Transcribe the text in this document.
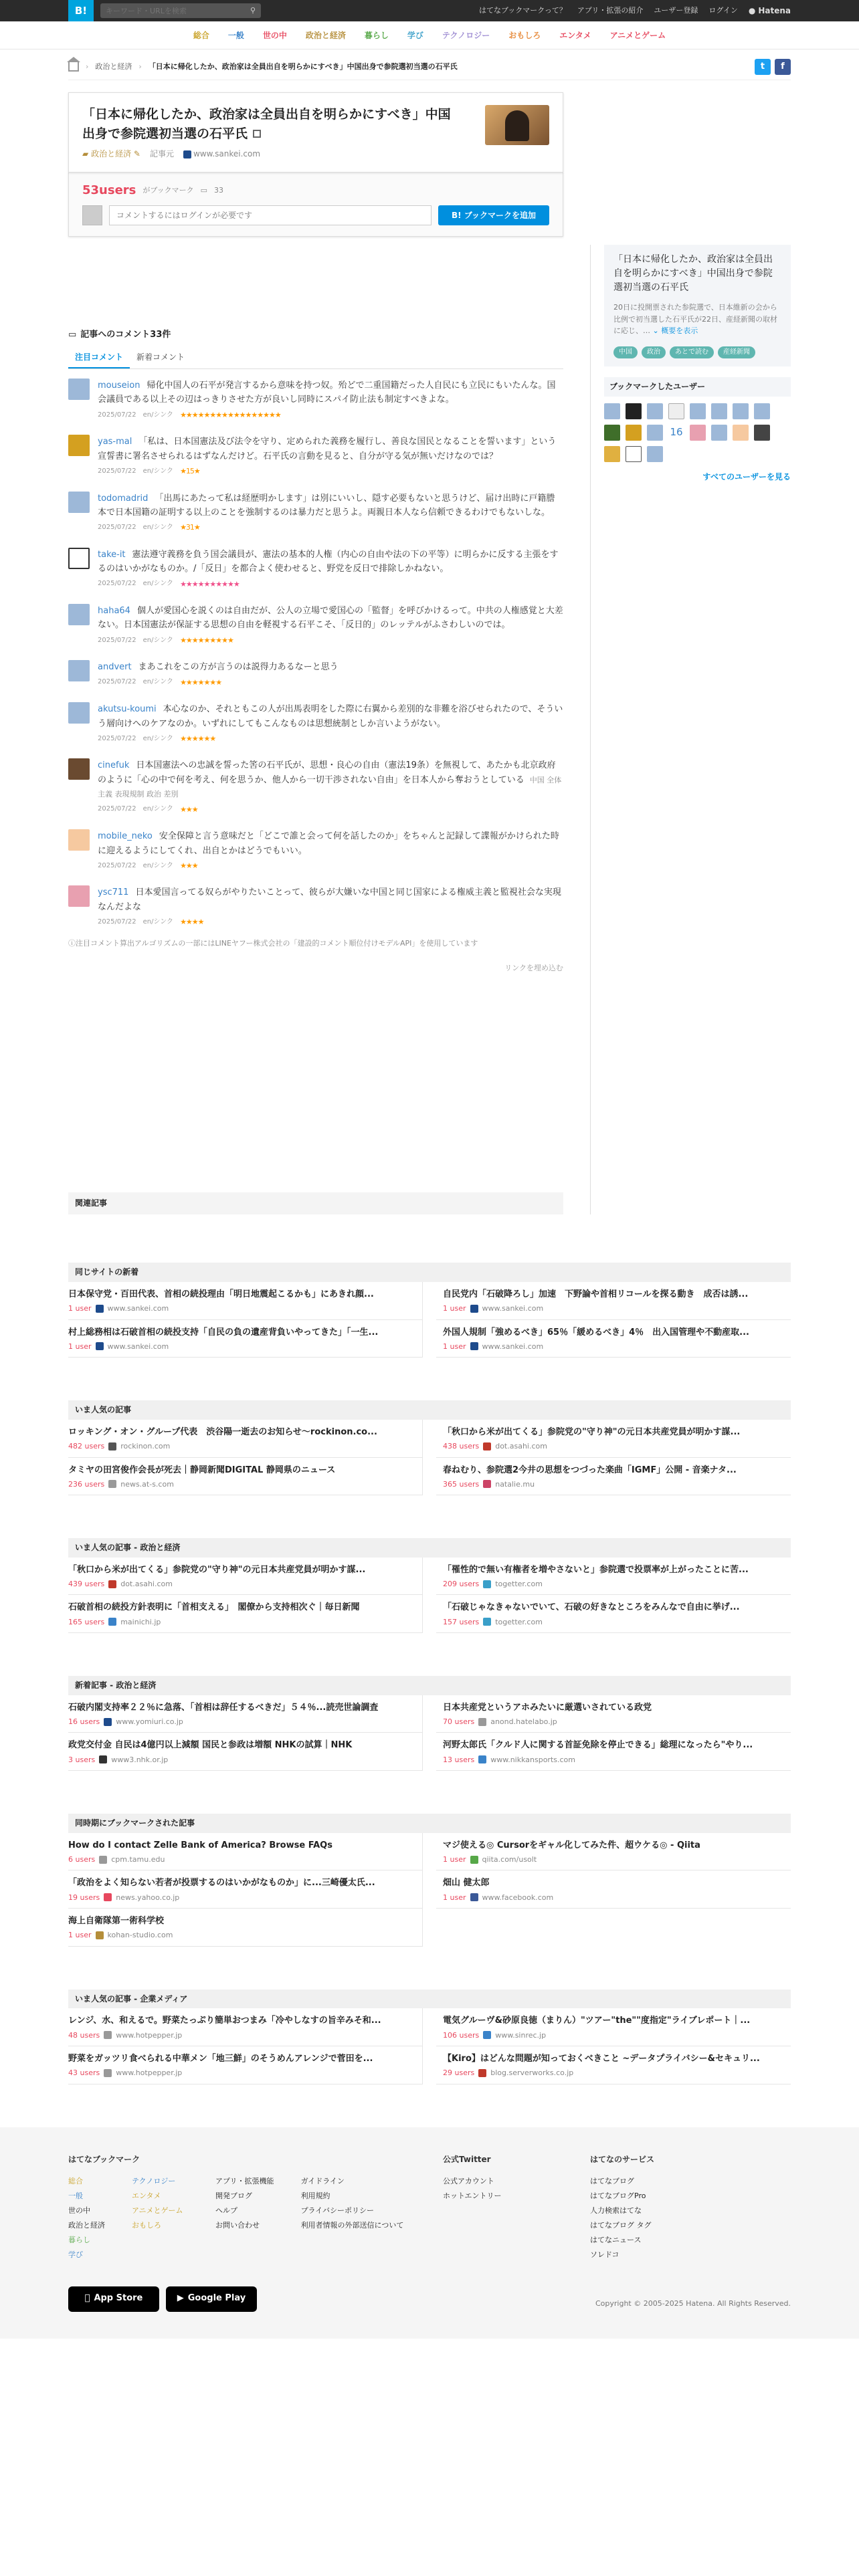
B!
キーワード・URLを検索	⚲	はてなブックマークって？ アプリ・拡張の紹介 ユーザー登録 ログイン ● Hatena
総合	一般	世の中	政治と経済	暮らし	学び	テクノロジー	おもしろ	エンタメ	アニメとゲーム
› 政治と経済 › 「日本に帰化したか、政治家は全員出自を明らかにすべき」中国出身で参院選初当選の石平氏	t	f
「日本に帰化したか、政治家は全員出自を明らかにすべき」中国出身で参院選初当選の石平氏
▰ 政治と経済 ✎ 記事元	www.sankei.com
53users がブックマーク ▭ 33
コメントするにはログインが必要です
B! ブックマークを追加
▭ 記事へのコメント33件
注目コメント	新着コメント
mouseion 帰化中国人の石平が発言するから意味を持つ奴。殆どで二重国籍だった人自民にも立民にもいたんな。国会議員である以上その辺はっきりさせた方が良いし同時にスパイ防止法も制定すべきよな。
2025/07/22 en/シンク ★★★★★★★★★★★★★★★★★
yas-mal 「私は、日本国憲法及び法令を守り、定められた義務を履行し、善良な国民となることを誓います」という宣誓書に署名させられるはずなんだけど。石平氏の言動を見ると、自分が守る気が無いだけなのでは？
2025/07/22 en/シンク ★15★
todomadrid 「出馬にあたって私は経歴明かします」は別にいいし、隠す必要もないと思うけど、届け出時に戸籍謄本で日本国籍の証明する以上のことを強制するのは暴力だと思うよ。両親日本人なら信頼できるわけでもないしな。
2025/07/22 en/シンク ★31★
take-it 憲法遵守義務を負う国会議員が、憲法の基本的人権（内心の自由や法の下の平等）に明らかに反する主張をするのはいかがなものか。/「反日」を都合よく使わせると、野党を反日で排除しかねない。
2025/07/22 en/シンク ★★★★★★★★★★
haha64 個人が愛国心を説くのは自由だが、公人の立場で愛国心の「監督」を呼びかけるって。中共の人権感覚と大差ない。日本国憲法が保証する思想の自由を軽視する石平こそ、「反日的」のレッテルがふさわしいのでは。
2025/07/22 en/シンク ★★★★★★★★★
andvert まあこれをこの方が言うのは説得力あるなーと思う
2025/07/22 en/シンク ★★★★★★★
akutsu-koumi 本心なのか、それともこの人が出馬表明をした際に右翼から差別的な非難を浴びせられたので、そういう層向けへのケアなのか。いずれにしてもこんなものは思想統制としか言いようがない。
2025/07/22 en/シンク ★★★★★★
cinefuk 日本国憲法への忠誠を誓った筈の石平氏が、思想・良心の自由（憲法19条）を無視して、あたかも北京政府のように「心の中で何を考え、何を思うか、他人から一切干渉されない自由」を日本人から奪おうとしている 中国 全体主義 表現規制 政治 差別
2025/07/22 en/シンク ★★★
mobile_neko 安全保障と言う意味だと「どこで誰と会って何を話したのか」をちゃんと記録して諜報がかけられた時に迎えるようにしてくれ、出自とかはどうでもいい。
2025/07/22 en/シンク ★★★
ysc711 日本愛国言ってる奴らがやりたいことって、彼らが大嫌いな中国と同じ国家による権威主義と監視社会な実現なんだよな
2025/07/22 en/シンク ★★★★
ⓘ注目コメント算出アルゴリズムの一部にはLINEヤフー株式会社の「建設的コメント順位付けモデルAPI」を使用しています
リンクを埋め込む
関連記事
「日本に帰化したか、政治家は全員出自を明らかにすべき」中国出身で参院選初当選の石平氏

20日に投開票された参院選で、日本維新の会から比例で初当選した石平氏が22日、産経新聞の取材に応じ、… ⌄ 概要を表示

中国	政治	あとで読む	産経新聞
ブックマークしたユーザー
16
すべてのユーザーを見る
同じサイトの新着
日本保守党・百田代表、首相の続投理由「明日地震起こるかも」にあきれ顔...
1 user www.sankei.com
自民党内「石破降ろし」加速　下野論や首相リコールを探る動き　成否は誘...
1 user www.sankei.com
村上総務相は石破首相の続投支持「自民の負の遺産背負いやってきた」「一生...
1 user www.sankei.com
外国人規制「強めるべき」65％「緩めるべき」4％　出入国管理や不動産取...
1 user www.sankei.com
いま人気の記事
ロッキング・オン・グループ代表　渋谷陽一逝去のお知らせ～rockinon.co...
482 users rockinon.com
「秋口から米が出てくる」参院党の"守り神"の元日本共産党員が明かす謀...
438 users dot.asahi.com
タミヤの田宮俊作会長が死去｜静岡新聞DIGITAL 静岡県のニュース
236 users news.at-s.com
春ねむり、参院選2今井の思想をつづった楽曲「IGMF」公開 - 音楽ナタ...
365 users natalie.mu
いま人気の記事 - 政治と経済
「秋口から米が出てくる」参院党の"守り神"の元日本共産党員が明かす謀...
439 users dot.asahi.com
「罹性的で無い有権者を増やさないと」参院選で投票率が上がったことに苦...
209 users togetter.com
石破首相の続投方針表明に「首相支える」　閣僚から支持相次ぐ｜毎日新聞
165 users mainichi.jp
「石破じゃなきゃないでいて、石破の好きなところをみんなで自由に挙げ...
157 users togetter.com
新着記事 - 政治と経済
石破内閣支持率２２％に急落、「首相は辞任するべきだ」５４％...読売世論調査
16 users www.yomiuri.co.jp
日本共産党というアホみたいに厳選いされている政党
70 users anond.hatelabo.jp
政党交付金 自民は4億円以上減額 国民と参政は増額 NHKの試算｜NHK
3 users www3.nhk.or.jp
河野太郎氏「クルド人に関する首証免除を停止できる」総理になったら"やり...
13 users www.nikkansports.com
同時期にブックマークされた記事
How do I contact Zelle Bank of America? Browse FAQs
6 users cpm.tamu.edu
マジ使える◎ Cursorをギャル化してみた件、超ウケる◎ - Qiita
1 user qiita.com/usolt
「政治をよく知らない若者が投票するのはいかがなものか」に...三崎優太氏...
19 users news.yahoo.co.jp
畑山 健太郎
1 user www.facebook.com
海上自衛隊第一術科学校
1 user kohan-studio.com
いま人気の記事 - 企業メディア
レンジ、水、和えるで。野菜たっぷり簡単おつまみ「冷やしなすの旨辛みそ和...
48 users www.hotpepper.jp
電気グルーヴ&砂原良徳（まりん）"ツアー"the""度指定"ライブレポート｜...
106 users www.sinrec.jp
野菜をガッツリ食べられる中華メン「地三鮮」のそうめんアレンジで菅田を...
43 users www.hotpepper.jp
【Kiro】はどんな問題が知っておくべきこと ~データプライバシー&セキュリ...
29 users blog.serverworks.co.jp
はてなブックマーク
総合
一般
世の中
政治と経済
暮らし
学び
テクノロジー
エンタメ
アニメとゲーム
おもしろ

アプリ・拡張機能
開発ブログ
ヘルプ
お問い合わせ
ガイドライン
利用規約
プライバシーポリシー
利用者情報の外部送信について
公式Twitter
公式アカウント
ホットエントリー
はてなのサービス
はてなブログ
はてなブログPro
人力検索はてな
はてなブログ タグ
はてなニュース
ソレドコ
App Store	▶ Google Play
Copyright © 2005-2025 Hatena. All Rights Reserved.
